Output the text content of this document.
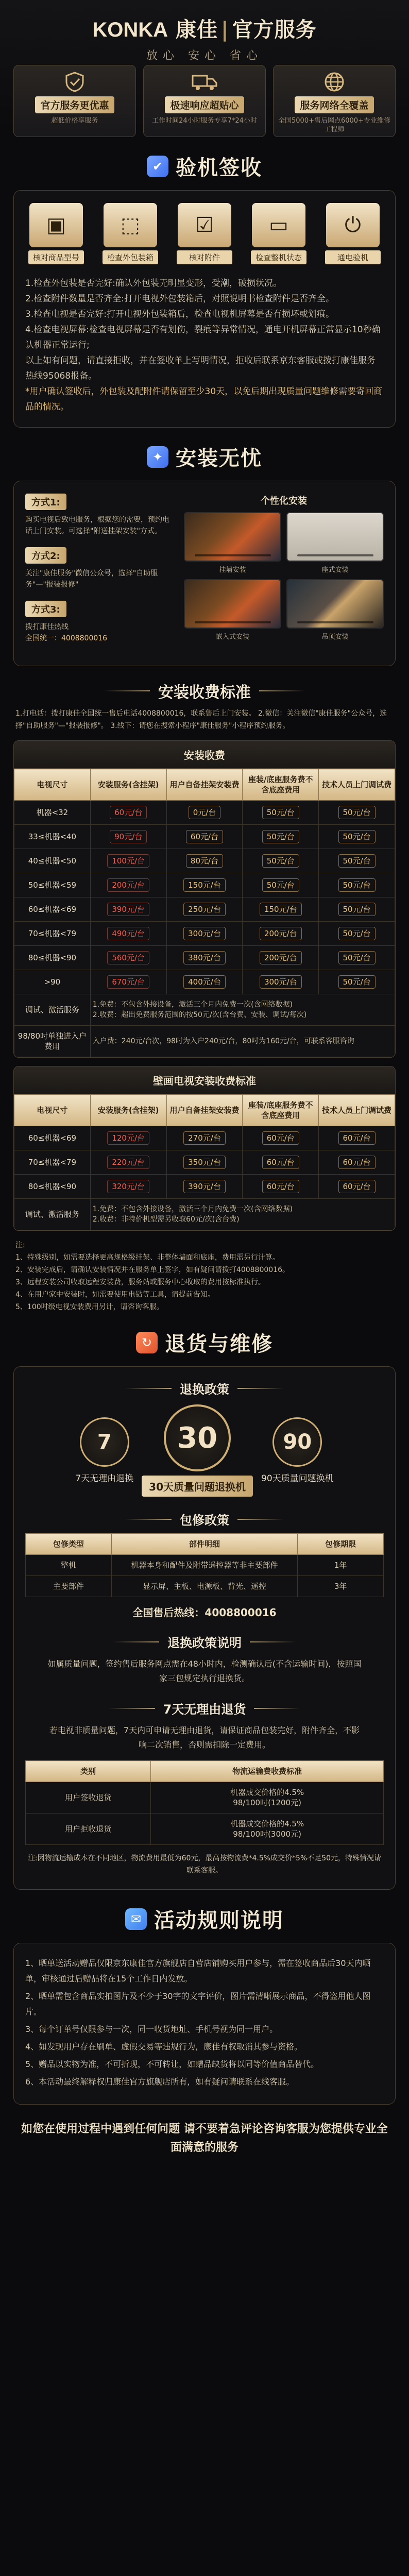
KONKA 康佳 | 官方服务
放心 安心 省心
官方服务更优惠
超低价格享服务
极速响应超贴心
工作时间24小时服务专享7*24小时
服务网络全覆盖
全国5000+售后网点6000+专业维修工程师
✔ 验机签收
▣
核对商品型号
⬚
检查外包装箱
☑
核对附件
▭
检查整机状态
⏻
通电验机

1.检查外包装是否完好:确认外包装无明显变形，受潮，破损状况。

2.检查附件数量是否齐全:打开电视外包装箱后，对照说明书检查附件是否齐全。

3.检查电视是否完好:打开电视外包装箱后，检查电视机屏幕是否有损坏或划痕。

4.检查电视屏幕:检查电视屏幕是否有划伤，裂痕等异常情况，通电开机屏幕正常显示10秒确认机器正常运行;

以上如有问题，请直接拒收，并在签收单上写明情况，拒收后联系京东客服或拨打康佳服务热线95068报备。

*用户确认签收后，外包装及配附件请保留至少30天，以免后期出现质量问题维修需要寄回商品的情况。

✦ 安装无忧
方式1:
购买电视后致电服务，根据您的需要，预约电话上门安装。可选择"附送挂架安装"方式。
方式2:
关注"康佳服务"微信公众号，选择"自助服务"—"报装报修"
方式3:
拨打康佳热线
全国统一：4008800016
个性化安装
挂墙安装	座式安装
嵌入式安装	吊顶安装
安装收费标准
1.打电话：拨打康佳全国统一售后电话4008800016，联系售后上门安装。 2.微信：关注微信"康佳服务"公众号，选择"自助服务"—"报装报修"。 3.线下：请您在搜索小程序"康佳服务"小程序预约服务。
安装收费
电视尺寸	安装服务(含挂架)	用户自备挂架安装费	座装/底座服务费不含底座费用	技术人员上门调试费
机器<32	60元/台	0元/台	50元/台	50元/台
33≤机器<40	90元/台	60元/台	50元/台	50元/台
40≤机器<50	100元/台	80元/台	50元/台	50元/台
50≤机器<59	200元/台	150元/台	50元/台	50元/台
60≤机器<69	390元/台	250元/台	150元/台	50元/台
70≤机器<79	490元/台	300元/台	200元/台	50元/台
80≤机器<90	560元/台	380元/台	200元/台	50元/台
>90	670元/台	400元/台	300元/台	50元/台
调试、激活服务	1.免费：不包含外接设备，激活三个月内免费一次(含网络数据)
2.收费：超出免费服务范围的按50元/次(含台费、安装、调试/每次)			
98/80吋单独进入户费用	入户费：240元/台次，98吋为入户240元/台，80吋为160元/台，可联系客服咨询			
壁画电视安装收费标准
电视尺寸	安装服务(含挂架)	用户自备挂架安装费	座装/底座服务费不含底座费用	技术人员上门调试费
60≤机器<69	120元/台	270元/台	60元/台	60元/台
70≤机器<79	220元/台	350元/台	60元/台	60元/台
80≤机器<90	320元/台	390元/台	60元/台	60元/台
调试、激活服务	1.免费：不包含外接设备，激活三个月内免费一次(含网络数据)
2.收费：非特价机型需另收取60元/次(含台费)			

注:

1、特殊级别，如需要选择更高规格级挂架、非整体墙面和底座，费用需另行计算。

2、安装完成后，请确认安装情况并在服务单上签字，如有疑问请拨打4008800016。

3、远程安装公司收取远程安装费，服务站或服务中心收取的费用按标准执行。

4、在用户家中安装时，如需要使用电钻等工具，请提前告知。

5、100吋级电视安装费用另计，请咨询客服。

↻ 退货与维修
退换政策
7
7天无理由退换
30
30天质量问题退换机
90
90天质量问题换机
包修政策
包修类型	部件明细	包修期限
整机	机器本身和配件及附带遥控器等非主要部件	1年
主要部件	显示屏、主板、电源板、背光、遥控	3年
全国售后热线：4008800016
退换政策说明
如属质量问题，签约售后服务网点需在48小时内，检测确认后(不含运输时间)，按照国家三包规定执行退换货。
7天无理由退货
若电视非质量问题，7天内可申请无理由退货，请保证商品包装完好，附件齐全，不影响二次销售，否则需扣除一定费用。
类别	物流运输费收费标准
用户签收退货	机器成交价格的4.5%
98/100吋(1200元)
用户拒收退货	机器成交价格的4.5%
98/100吋(3000元)
注:因物流运输成本在不同地区，物流费用最低为60元，最高按物流费*4.5%成交价*5%不足50元，特殊情况请联系客服。
✉ 活动规则说明

1、晒单送活动赠品仅限京东康佳官方旗舰店自营店铺购买用户参与，需在签收商品后30天内晒单，审核通过后赠品将在15个工作日内发放。

2、晒单需包含商品实拍图片及不少于30字的文字评价，图片需清晰展示商品，不得盗用他人图片。

3、每个订单号仅限参与一次，同一收货地址、手机号视为同一用户。

4、如发现用户存在刷单、虚假交易等违规行为，康佳有权取消其参与资格。

5、赠品以实物为准，不可折现，不可转让，如赠品缺货将以同等价值商品替代。

6、本活动最终解释权归康佳官方旗舰店所有，如有疑问请联系在线客服。

如您在使用过程中遇到任何问题 请不要着急评论咨询客服为您提供专业全面满意的服务
